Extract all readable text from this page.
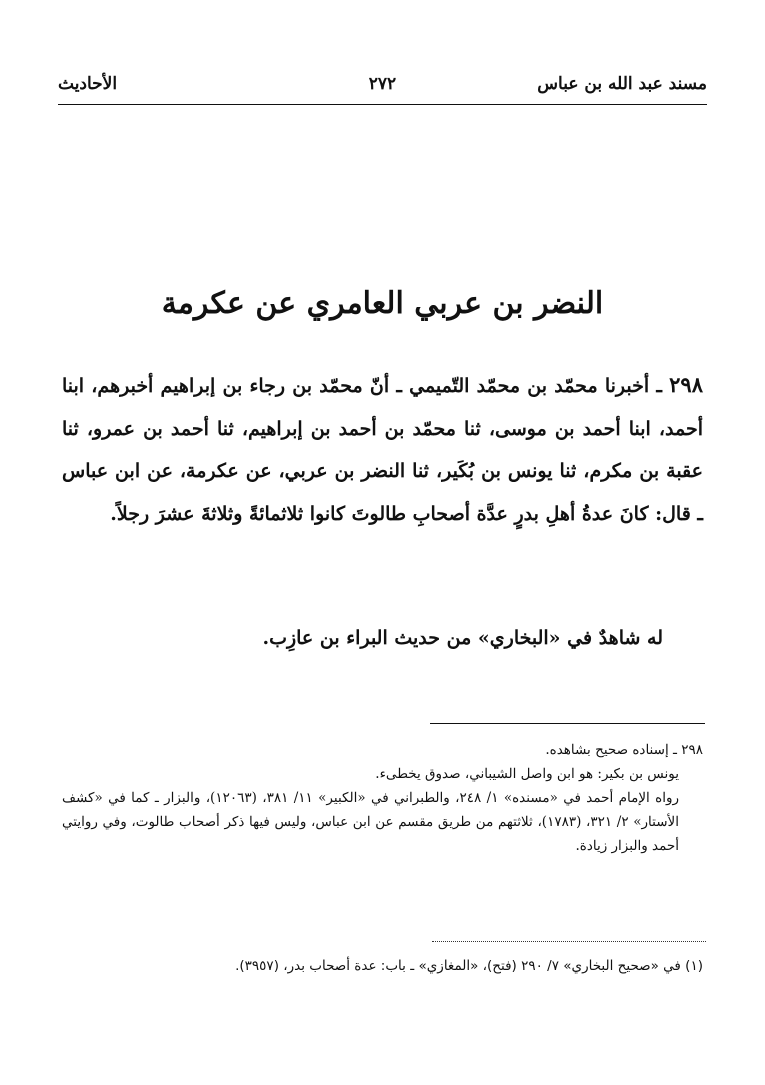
مسند عبد الله بن عباس
٢٧٢
الأحاديث
النضر بن عربي العامري عن عكرمة

٢٩٨ ـ أخبرنا محمّد بن محمّد التّميمي ـ أنّ محمّد بن رجاء بن إبراهيم أخبرهم، ابنا أحمد، ابنا أحمد بن موسى، ثنا محمّد بن أحمد بن إبراهيم، ثنا أحمد بن عمرو، ثنا عقبة بن مكرم، ثنا يونس بن بُكَير، ثنا النضر بن عربي، عن عكرمة، عن ابن عباس ـ قال: كانَ عدةُ أهلِ بدرٍ عدَّة أصحابِ طالوتَ كانوا ثلاثمائةً وثلاثةَ عشرَ رجلاً.

له شاهدٌ في «البخاري» من حديث البراء بن عازِب.

٢٩٨ ـ إسناده صحيح بشاهده.

يونس بن بكير: هو ابن واصل الشيباني، صدوق يخطىء.

رواه الإمام أحمد في «مسنده» ١/ ٢٤٨، والطبراني في «الكبير» ١١/ ٣٨١، (١٢٠٦٣)، والبزار ـ كما في «كشف الأستار» ٢/ ٣٢١، (١٧٨٣)، ثلاثتهم من طريق مقسم عن ابن عباس، وليس فيها ذكر أصحاب طالوت، وفي روايتي أحمد والبزار زيادة.

(١) في «صحيح البخاري» ٧/ ٢٩٠ (فتح)، «المغازي» ـ باب: عدة أصحاب بدر، (٣٩٥٧).
